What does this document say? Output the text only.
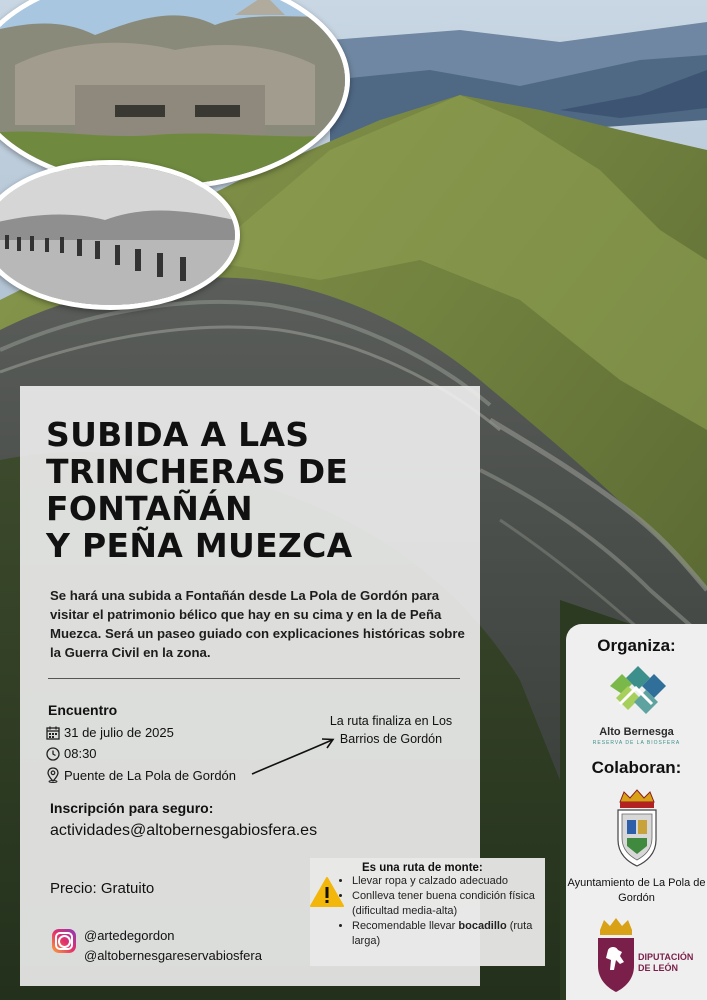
SUBIDA A LAS
TRINCHERAS DE
FONTAÑÁN
Y PEÑA MUEZCA

Se hará una subida a Fontañán desde La Pola de Gordón para visitar el patrimonio bélico que hay en su cima y en la de Peña Muezca. Será un paseo guiado con explicaciones históricas sobre la Guerra Civil en la zona.

Encuentro
31 de julio de 2025
08:30
Puente de La Pola de Gordón
La ruta finaliza en Los Barrios de Gordón
Inscripción para seguro:
actividades@altobernesgabiosfera.es
Precio: Gratuito
@artedegordon
@altobernesgareservabiosfera
Es una ruta de monte:
• Llevar ropa y calzado adecuado
• Conlleva tener buena condición física (dificultad media-alta)
• Recomendable llevar bocadillo (ruta larga)
Organiza:
Alto Bernesga
RESERVA DE LA BIOSFERA
Colaboran:
Ayuntamiento de La Pola de Gordón
DIPUTACIÓN
DE LEÓN
